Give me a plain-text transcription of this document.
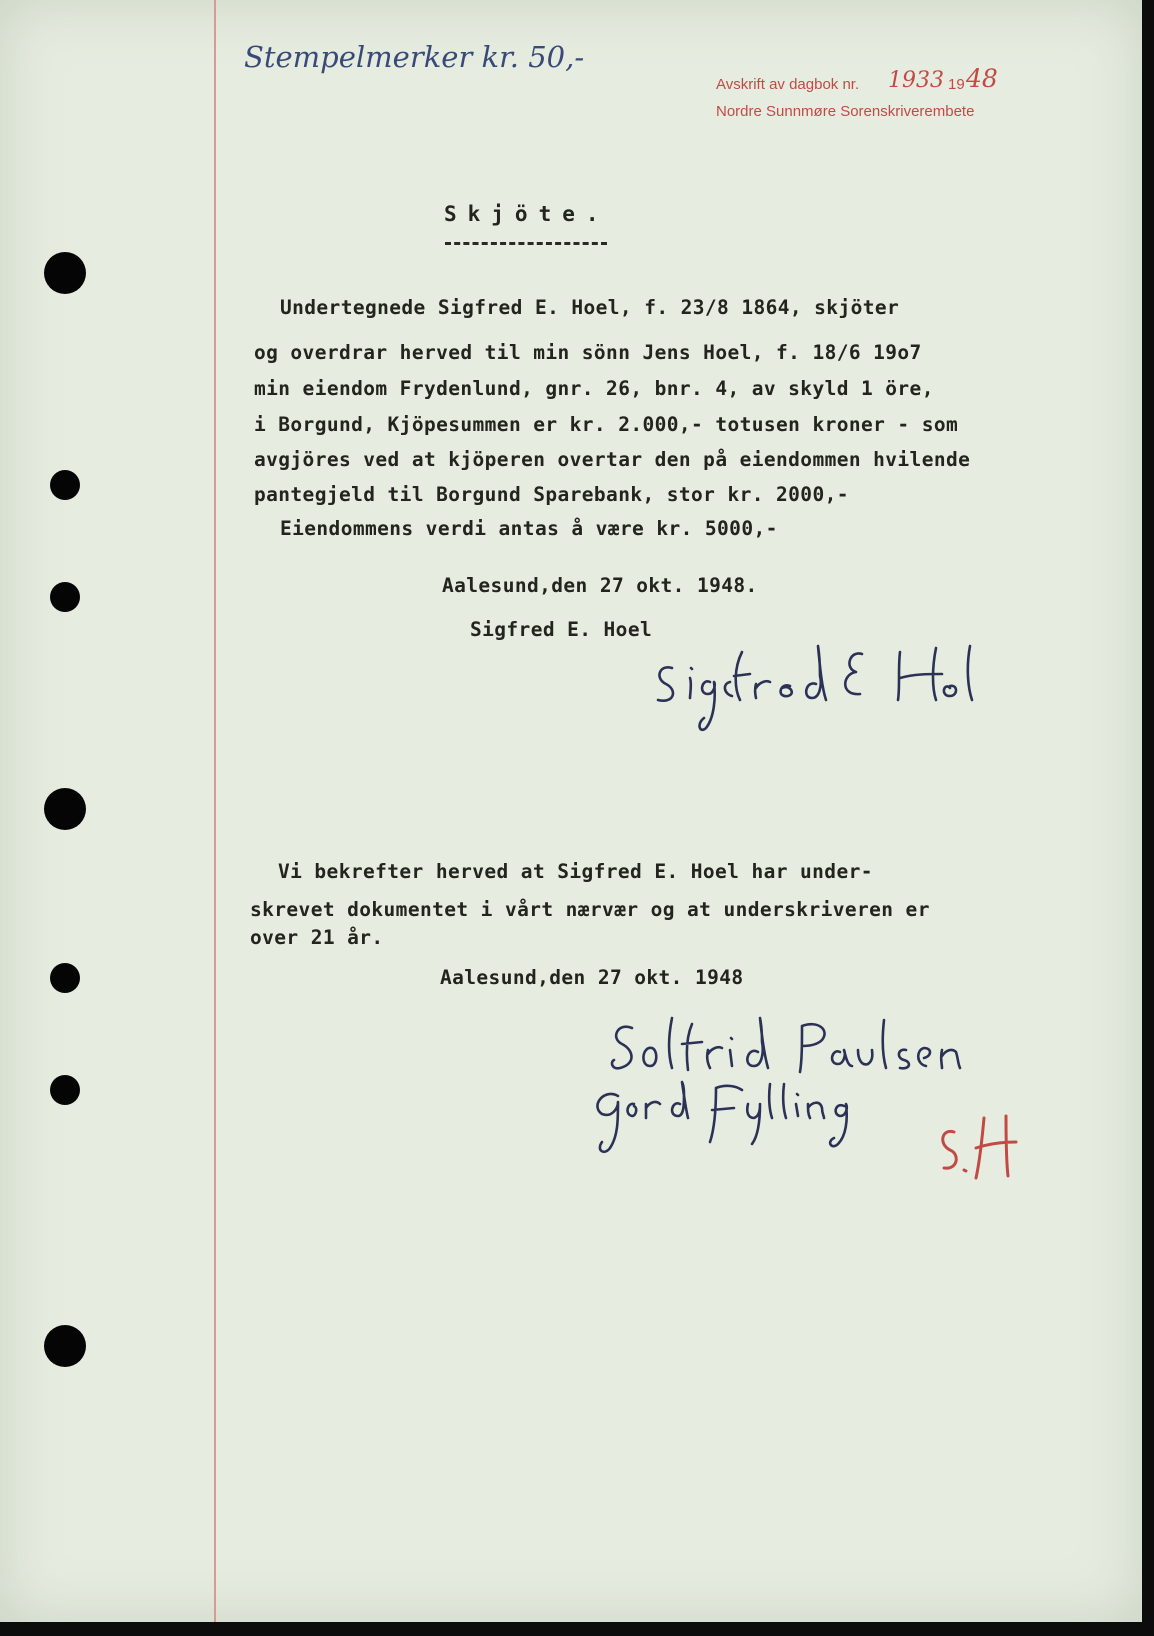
Stempelmerker kr. 50,-
Avskrift av dagbok nr. 1933 19 48
Nordre Sunnmøre Sorenskriverembete
Skjöte.
Undertegnede Sigfred E. Hoel, f. 23/8 1864, skjöter
og overdrar herved til min sönn Jens Hoel, f. 18/6 19o7
min eiendom Frydenlund, gnr. 26, bnr. 4, av skyld 1 öre,
i Borgund, Kjöpesummen er kr. 2.000,- totusen kroner - som
avgjöres ved at kjöperen overtar den på eiendommen hvilende
pantegjeld til Borgund Sparebank, stor kr. 2000,-
Eiendommens verdi antas å være kr. 5000,-
Aalesund,den 27 okt. 1948.
Sigfred E. Hoel
Vi bekrefter herved at Sigfred E. Hoel har under-
skrevet dokumentet i vårt nærvær og at underskriveren er
over 21 år.
Aalesund,den 27 okt. 1948
